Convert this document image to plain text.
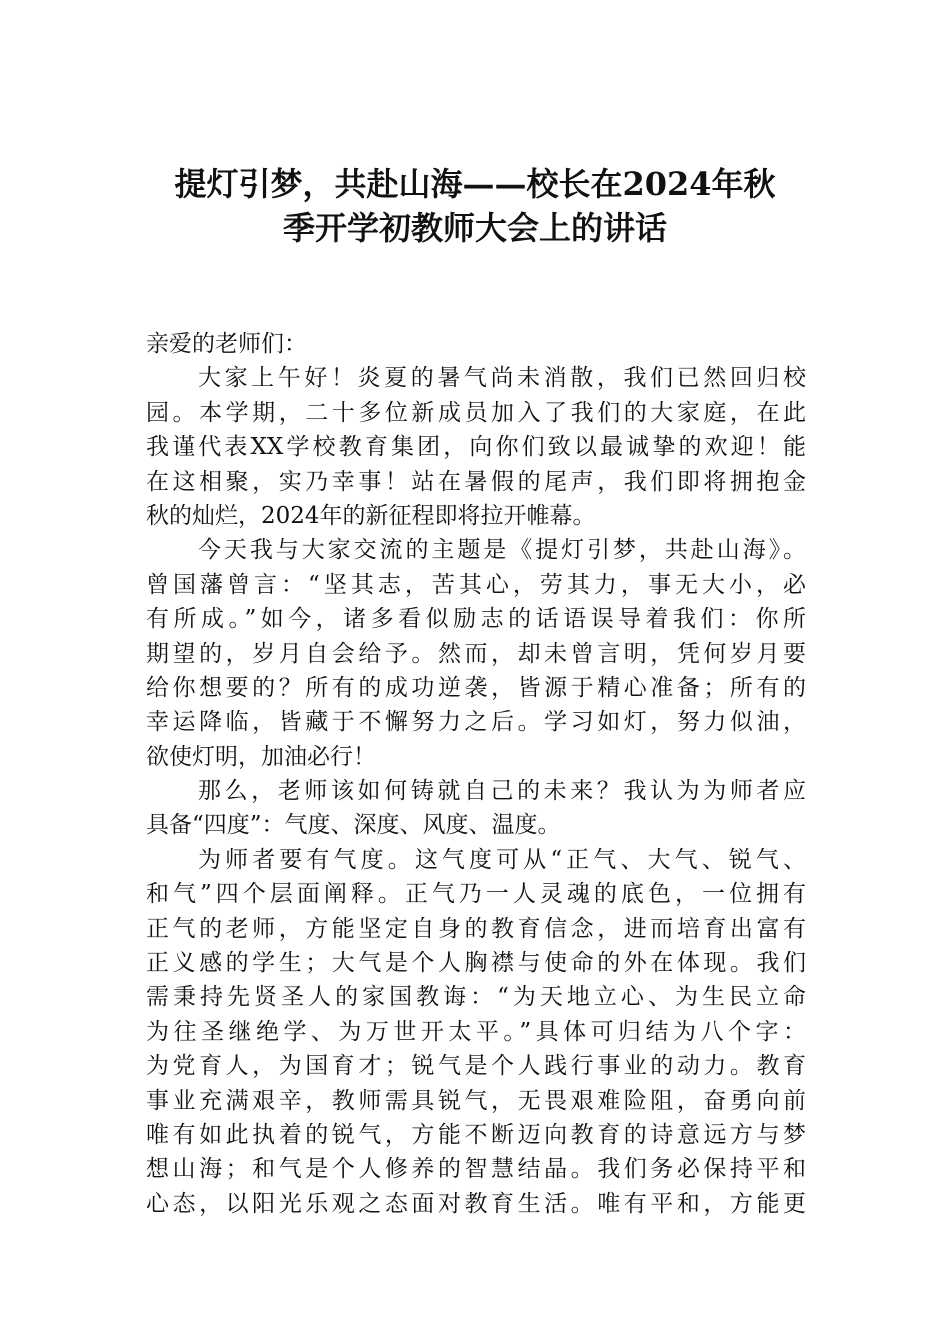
提灯引梦，共赴山海——校长在2024年秋
季开学初教师大会上的讲话
亲爱的老师们：
大家上午好！炎夏的暑气尚未消散，我们已然回归校
园。本学期，二十多位新成员加入了我们的大家庭，在此
我谨代表XX学校教育集团，向你们致以最诚挚的欢迎！能
在这相聚，实乃幸事！站在暑假的尾声，我们即将拥抱金
秋的灿烂，2024年的新征程即将拉开帷幕。
今天我与大家交流的主题是《提灯引梦，共赴山海》。
曾国藩曾言：“坚其志，苦其心，劳其力，事无大小，必
有所成。”如今，诸多看似励志的话语误导着我们：你所
期望的，岁月自会给予。然而，却未曾言明，凭何岁月要
给你想要的？所有的成功逆袭，皆源于精心准备；所有的
幸运降临，皆藏于不懈努力之后。学习如灯，努力似油，
欲使灯明，加油必行！
那么，老师该如何铸就自己的未来？我认为为师者应
具备“四度”：气度、深度、风度、温度。
为师者要有气度。这气度可从“正气、大气、锐气、
和气”四个层面阐释。正气乃一人灵魂的底色，一位拥有
正气的老师，方能坚定自身的教育信念，进而培育出富有
正义感的学生；大气是个人胸襟与使命的外在体现。我们
需秉持先贤圣人的家国教诲：“为天地立心、为生民立命
为往圣继绝学、为万世开太平。”具体可归结为八个字：
为党育人，为国育才；锐气是个人践行事业的动力。教育
事业充满艰辛，教师需具锐气，无畏艰难险阻，奋勇向前
唯有如此执着的锐气，方能不断迈向教育的诗意远方与梦
想山海；和气是个人修养的智慧结晶。我们务必保持平和
心态，以阳光乐观之态面对教育生活。唯有平和，方能更
